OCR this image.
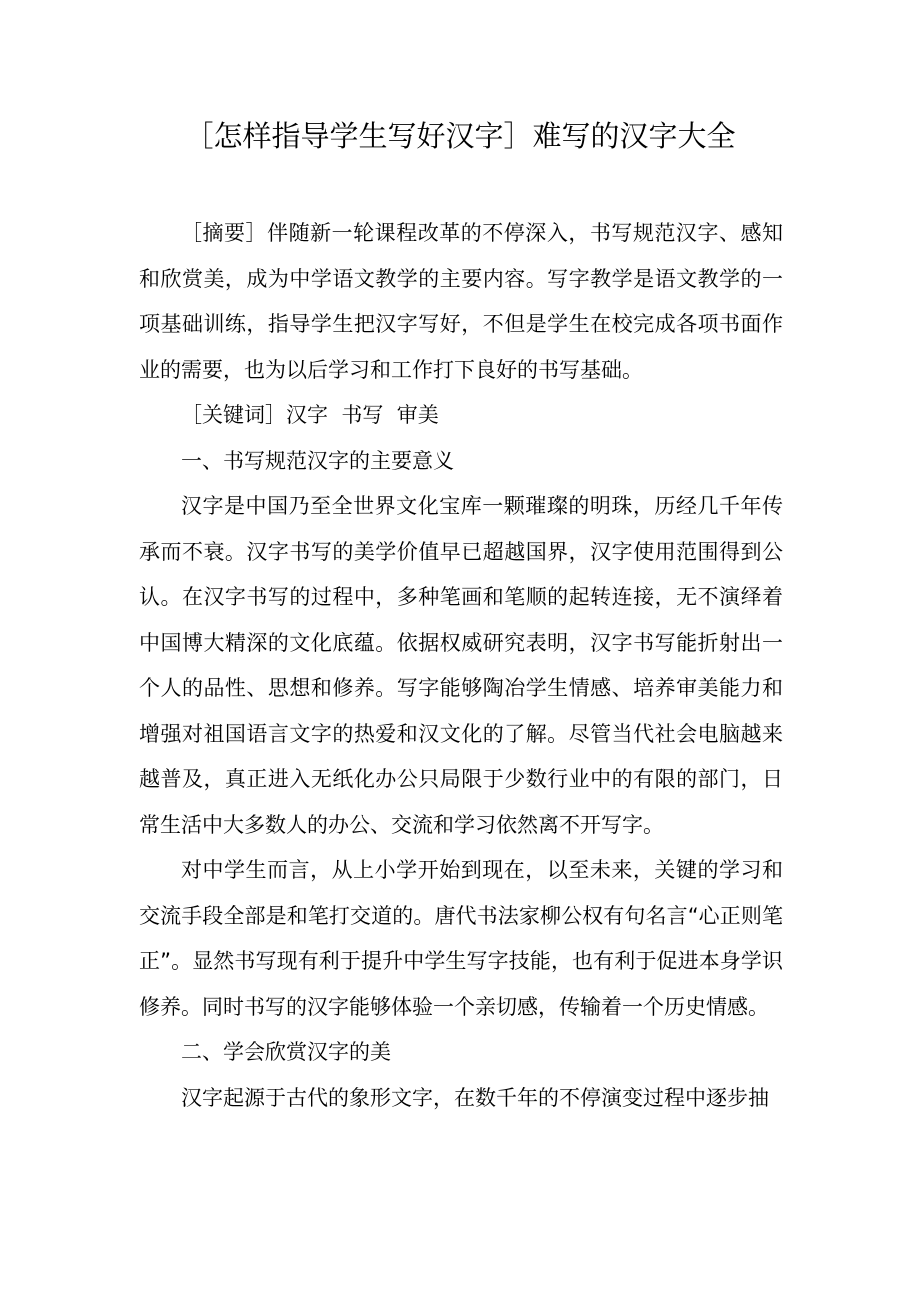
［怎样指导学生写好汉字］难写的汉字大全

［摘要］伴随新一轮课程改革的不停深入，书写规范汉字、感知和欣赏美，成为中学语文教学的主要内容。写字教学是语文教学的一项基础训练，指导学生把汉字写好，不但是学生在校完成各项书面作业的需要，也为以后学习和工作打下良好的书写基础。

［关键词］汉字  书写  审美

一、书写规范汉字的主要意义

汉字是中国乃至全世界文化宝库一颗璀璨的明珠，历经几千年传承而不衰。汉字书写的美学价值早已超越国界，汉字使用范围得到公认。在汉字书写的过程中，多种笔画和笔顺的起转连接，无不演绎着中国博大精深的文化底蕴。依据权威研究表明，汉字书写能折射出一个人的品性、思想和修养。写字能够陶冶学生情感、培养审美能力和增强对祖国语言文字的热爱和汉文化的了解。尽管当代社会电脑越来越普及，真正进入无纸化办公只局限于少数行业中的有限的部门，日常生活中大多数人的办公、交流和学习依然离不开写字。

对中学生而言，从上小学开始到现在，以至未来，关键的学习和交流手段全部是和笔打交道的。唐代书法家柳公权有句名言“心正则笔正”。显然书写现有利于提升中学生写字技能，也有利于促进本身学识修养。同时书写的汉字能够体验一个亲切感，传输着一个历史情感。

二、学会欣赏汉字的美

汉字起源于古代的象形文字，在数千年的不停演变过程中逐步抽
